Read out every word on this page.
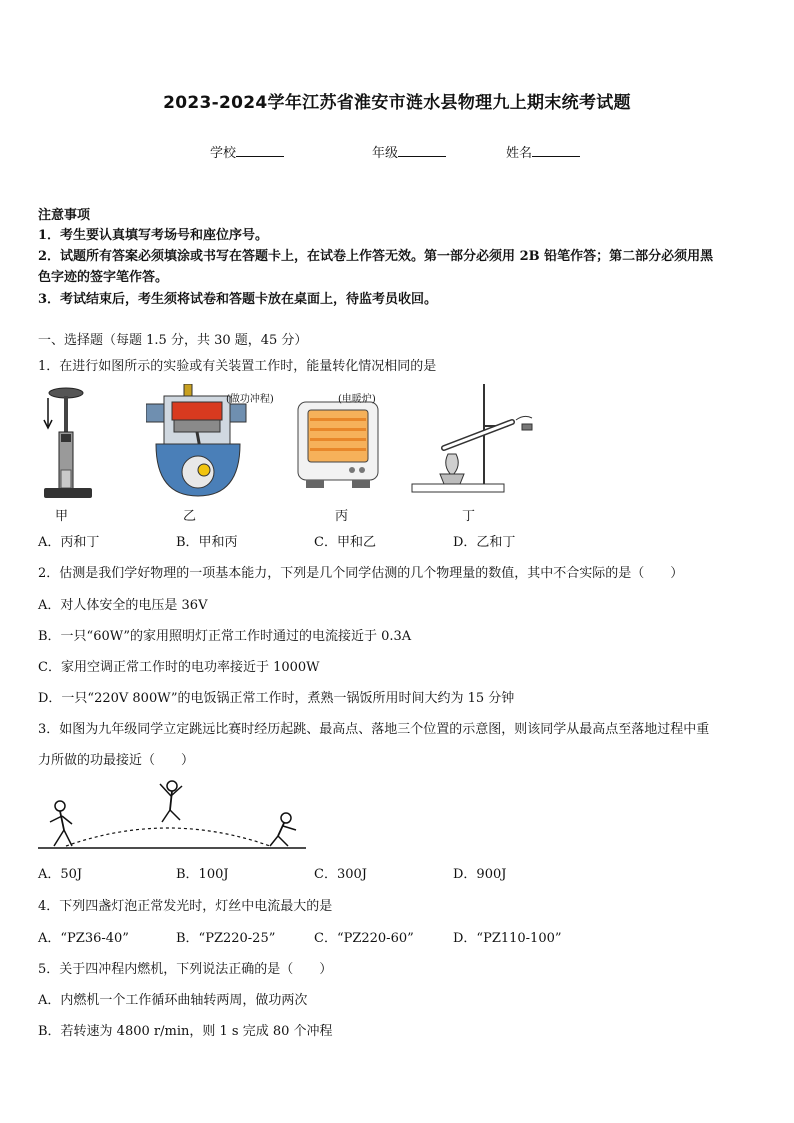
2023-2024学年江苏省淮安市涟水县物理九上期末统考试题
学校	年级	姓名
注意事项
1．考生要认真填写考场号和座位序号。
2．试题所有答案必须填涂或书写在答题卡上，在试卷上作答无效。第一部分必须用 2B 铅笔作答；第二部分必须用黑
色字迹的签字笔作答。
3．考试结束后，考生须将试卷和答题卡放在桌面上，待监考员收回。
一、选择题（每题 1.5 分，共 30 题，45 分）
1．在进行如图所示的实验或有关装置工作时，能量转化情况相同的是
甲
(做功冲程)
乙
(电暖炉)
丙	丁
A．丙和丁	B．甲和丙	C．甲和乙	D．乙和丁
2．估测是我们学好物理的一项基本能力，下列是几个同学估测的几个物理量的数值，其中不合实际的是（　　）
A．对人体安全的电压是 36V
B．一只“60W”的家用照明灯正常工作时通过的电流接近于 0.3A
C．家用空调正常工作时的电功率接近于 1000W
D．一只“220V 800W”的电饭锅正常工作时，煮熟一锅饭所用时间大约为 15 分钟
3．如图为九年级同学立定跳远比赛时经历起跳、最高点、落地三个位置的示意图，则该同学从最高点至落地过程中重
力所做的功最接近（　　）
A．50J	B．100J	C．300J	D．900J
4．下列四盏灯泡正常发光时，灯丝中电流最大的是
A．“PZ36-40”	B．“PZ220-25”	C．“PZ220-60”	D．“PZ110-100”
5．关于四冲程内燃机，下列说法正确的是（　　）
A．内燃机一个工作循环曲轴转两周，做功两次
B．若转速为 4800 r/min，则 1 s 完成 80 个冲程
